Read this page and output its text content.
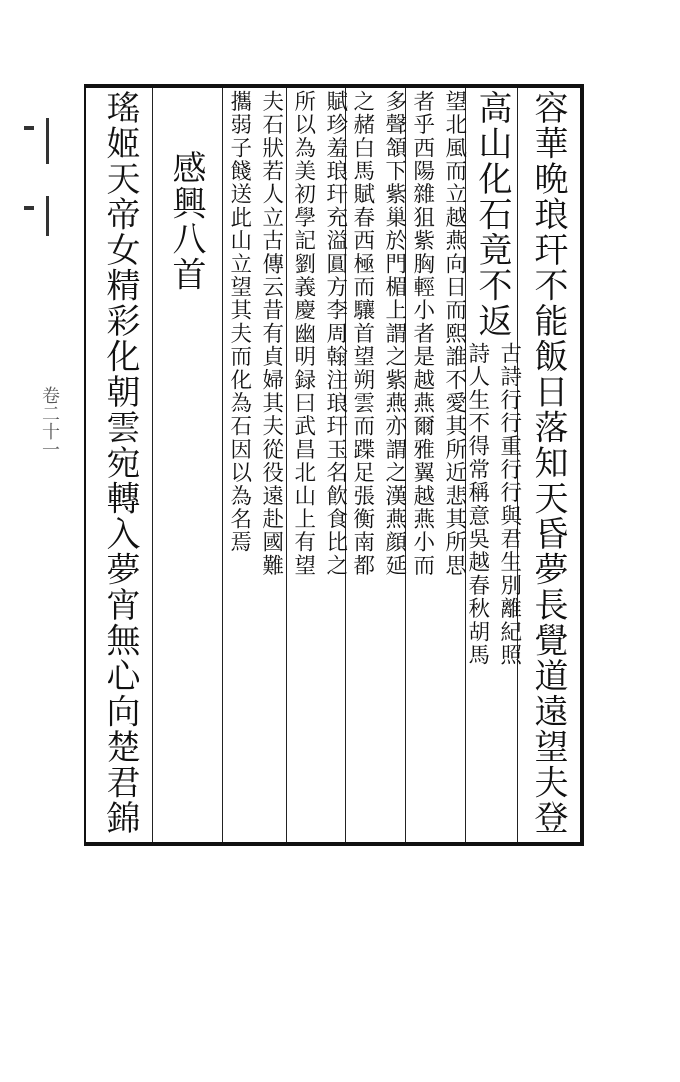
卷二十一	容華晩琅玕不能飯日落知天昏夢長覺道遠望夫登
高山化石竟不返
古詩行行重行行與君生別離紀照
詩人生不得常稱意吳越春秋胡馬
望北風而立越燕向日而熙誰不愛其所近悲其所思
者乎西陽雜狙紫胸輕小者是越燕爾雅翼越燕小而
多聲頷下紫巢於門楣上謂之紫燕亦謂之漢燕顔延
之赭白馬賦春西極而驤首望朔雲而蹀足張衡南都
賦珍羞琅玕充溢圓方李周翰注琅玕玉名飮食比之
所以為美初學記劉義慶幽明録曰武昌北山上有望
夫石狀若人立古傳云昔有貞婦其夫從役遠赴國難
攜弱子餞送此山立望其夫而化為石因以為名焉
感興八首
瑤姬天帝女精彩化朝雲宛轉入夢宵無心向楚君錦
